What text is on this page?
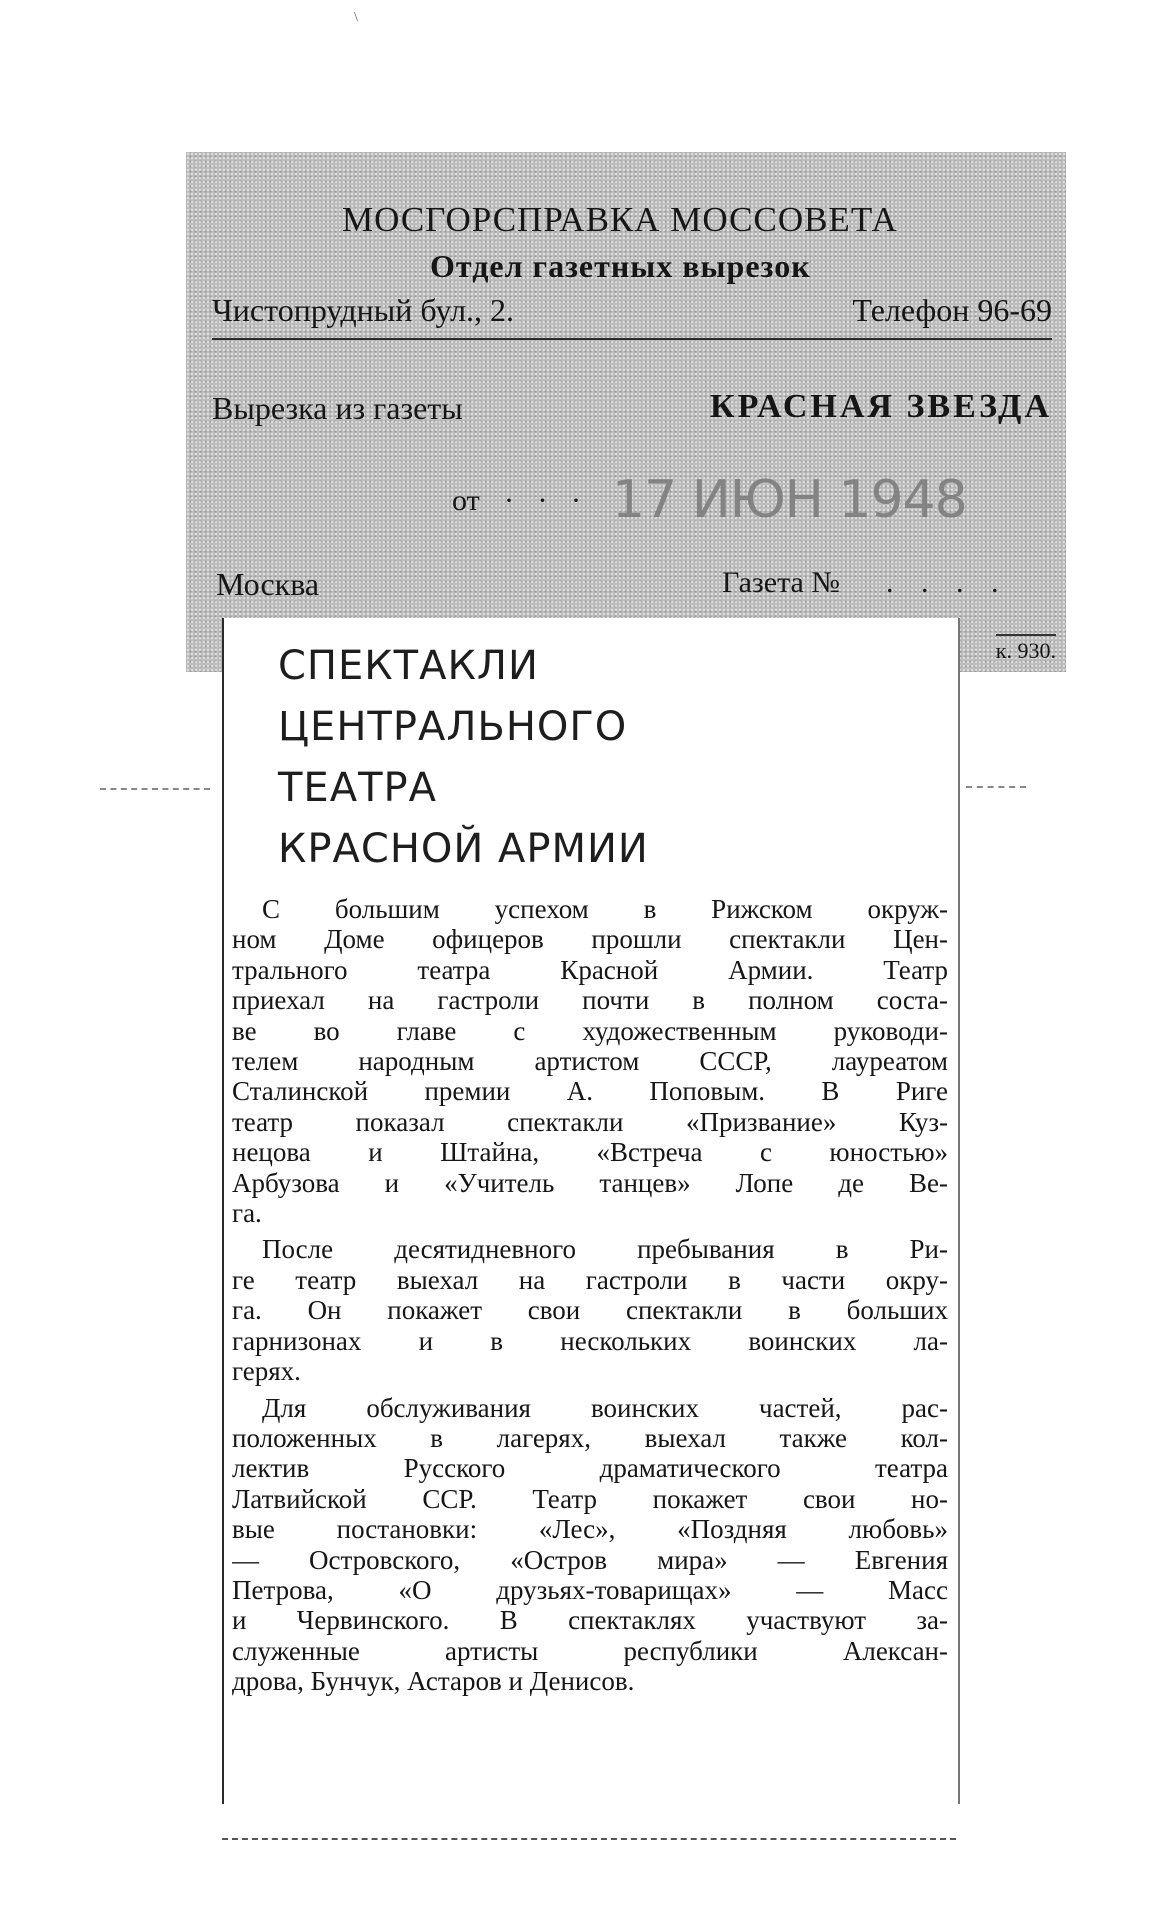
\
МОСГОРСПРАВКА МОССОВЕТА
Отдел газетных вырезок
Чистопрудный бул., 2.	Телефон 96-69
Вырезка из газеты	КРАСНАЯ ЗВЕЗДА
от · · · 17 ИЮН 1948
Москва	Газета № . . . .
к. 930.
СПЕКТАКЛИ
ЦЕНТРАЛЬНОГО
ТЕАТРА
КРАСНОЙ АРМИИ
С большим успехом в Рижском окруж-
ном Доме офицеров прошли спектакли Цен-
трального театра Красной Армии. Театр
приехал на гастроли почти в полном соста-
ве во главе с художественным руководи-
телем народным артистом СССР, лауреатом
Сталинской премии А. Поповым. В Риге
театр показал спектакли «Призвание» Куз-
нецова и Штайна, «Встреча с юностью»
Арбузова и «Учитель танцев» Лопе де Ве-
га.
После десятидневного пребывания в Ри-
ге театр выехал на гастроли в части окру-
га. Он покажет свои спектакли в больших
гарнизонах и в нескольких воинских ла-
герях.
Для обслуживания воинских частей, рас-
положенных в лагерях, выехал также кол-
лектив Русского драматического театра
Латвийской ССР. Театр покажет свои но-
вые постановки: «Лес», «Поздняя любовь»
— Островского, «Остров мира» — Евгения
Петрова, «О друзьях-товарищах» — Масс
и Червинского. В спектаклях участвуют за-
служенные артисты республики Алексан-
дрова, Бунчук, Астаров и Денисов.
